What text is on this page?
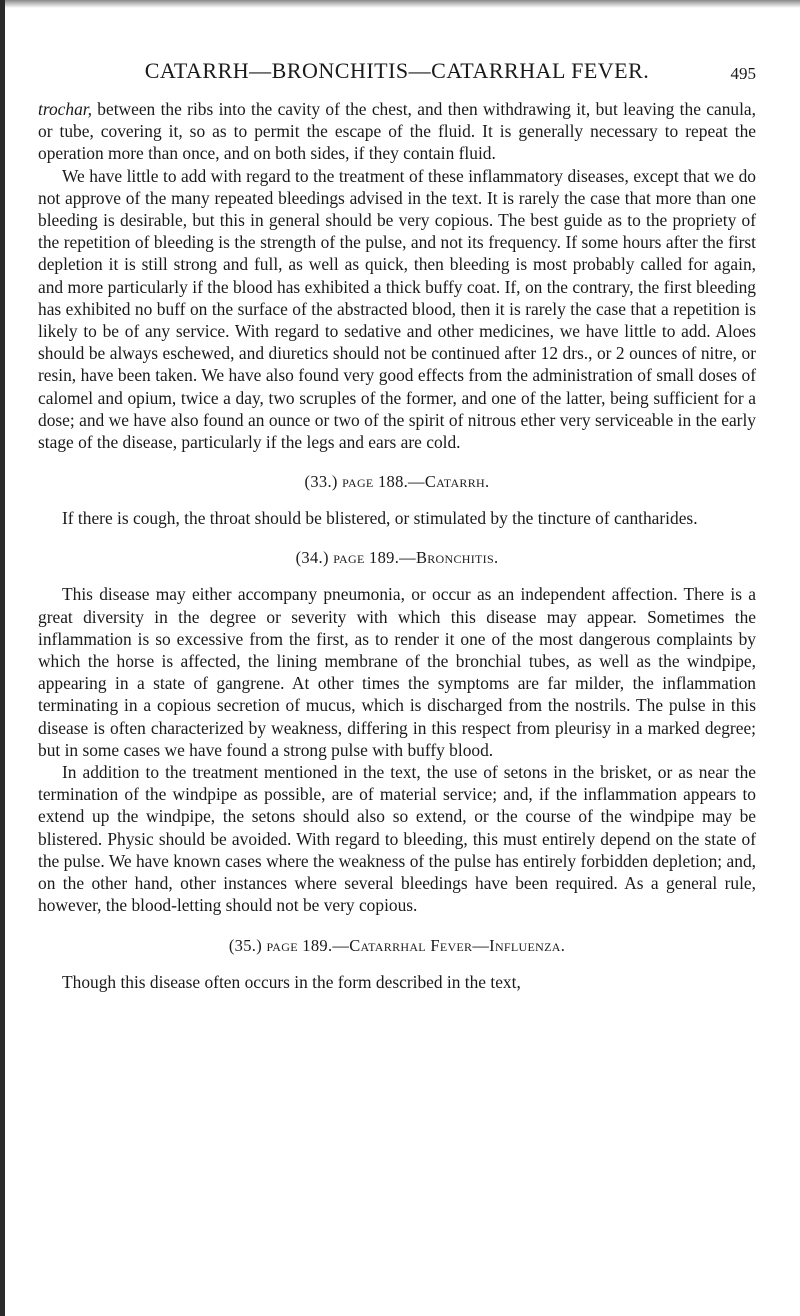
CATARRH—BRONCHITIS—CATARRHAL FEVER.	495

trochar, between the ribs into the cavity of the chest, and then withdrawing it, but leaving the canula, or tube, covering it, so as to permit the escape of the fluid. It is generally necessary to repeat the operation more than once, and on both sides, if they contain fluid.

We have little to add with regard to the treatment of these inflammatory diseases, except that we do not approve of the many repeated bleedings advised in the text. It is rarely the case that more than one bleeding is desirable, but this in general should be very copious. The best guide as to the propriety of the repetition of bleeding is the strength of the pulse, and not its frequency. If some hours after the first depletion it is still strong and full, as well as quick, then bleeding is most probably called for again, and more particularly if the blood has exhibited a thick buffy coat. If, on the contrary, the first bleeding has exhibited no buff on the surface of the abstracted blood, then it is rarely the case that a repetition is likely to be of any service. With regard to sedative and other medicines, we have little to add. Aloes should be always eschewed, and diuretics should not be continued after 12 drs., or 2 ounces of nitre, or resin, have been taken. We have also found very good effects from the administration of small doses of calomel and opium, twice a day, two scruples of the former, and one of the latter, being sufficient for a dose; and we have also found an ounce or two of the spirit of nitrous ether very serviceable in the early stage of the disease, particularly if the legs and ears are cold.

(33.) page 188.—Catarrh.

If there is cough, the throat should be blistered, or stimulated by the tincture of cantharides.

(34.) page 189.—Bronchitis.

This disease may either accompany pneumonia, or occur as an independent affection. There is a great diversity in the degree or severity with which this disease may appear. Sometimes the inflammation is so excessive from the first, as to render it one of the most dangerous complaints by which the horse is affected, the lining membrane of the bronchial tubes, as well as the windpipe, appearing in a state of gangrene. At other times the symptoms are far milder, the inflammation terminating in a copious secretion of mucus, which is discharged from the nostrils. The pulse in this disease is often characterized by weakness, differing in this respect from pleurisy in a marked degree; but in some cases we have found a strong pulse with buffy blood.

In addition to the treatment mentioned in the text, the use of setons in the brisket, or as near the termination of the windpipe as possible, are of material service; and, if the inflammation appears to extend up the windpipe, the setons should also so extend, or the course of the windpipe may be blistered. Physic should be avoided. With regard to bleeding, this must entirely depend on the state of the pulse. We have known cases where the weakness of the pulse has entirely forbidden depletion; and, on the other hand, other instances where several bleedings have been required. As a general rule, however, the blood-letting should not be very copious.

(35.) page 189.—Catarrhal Fever—Influenza.

Though this disease often occurs in the form described in the text,
